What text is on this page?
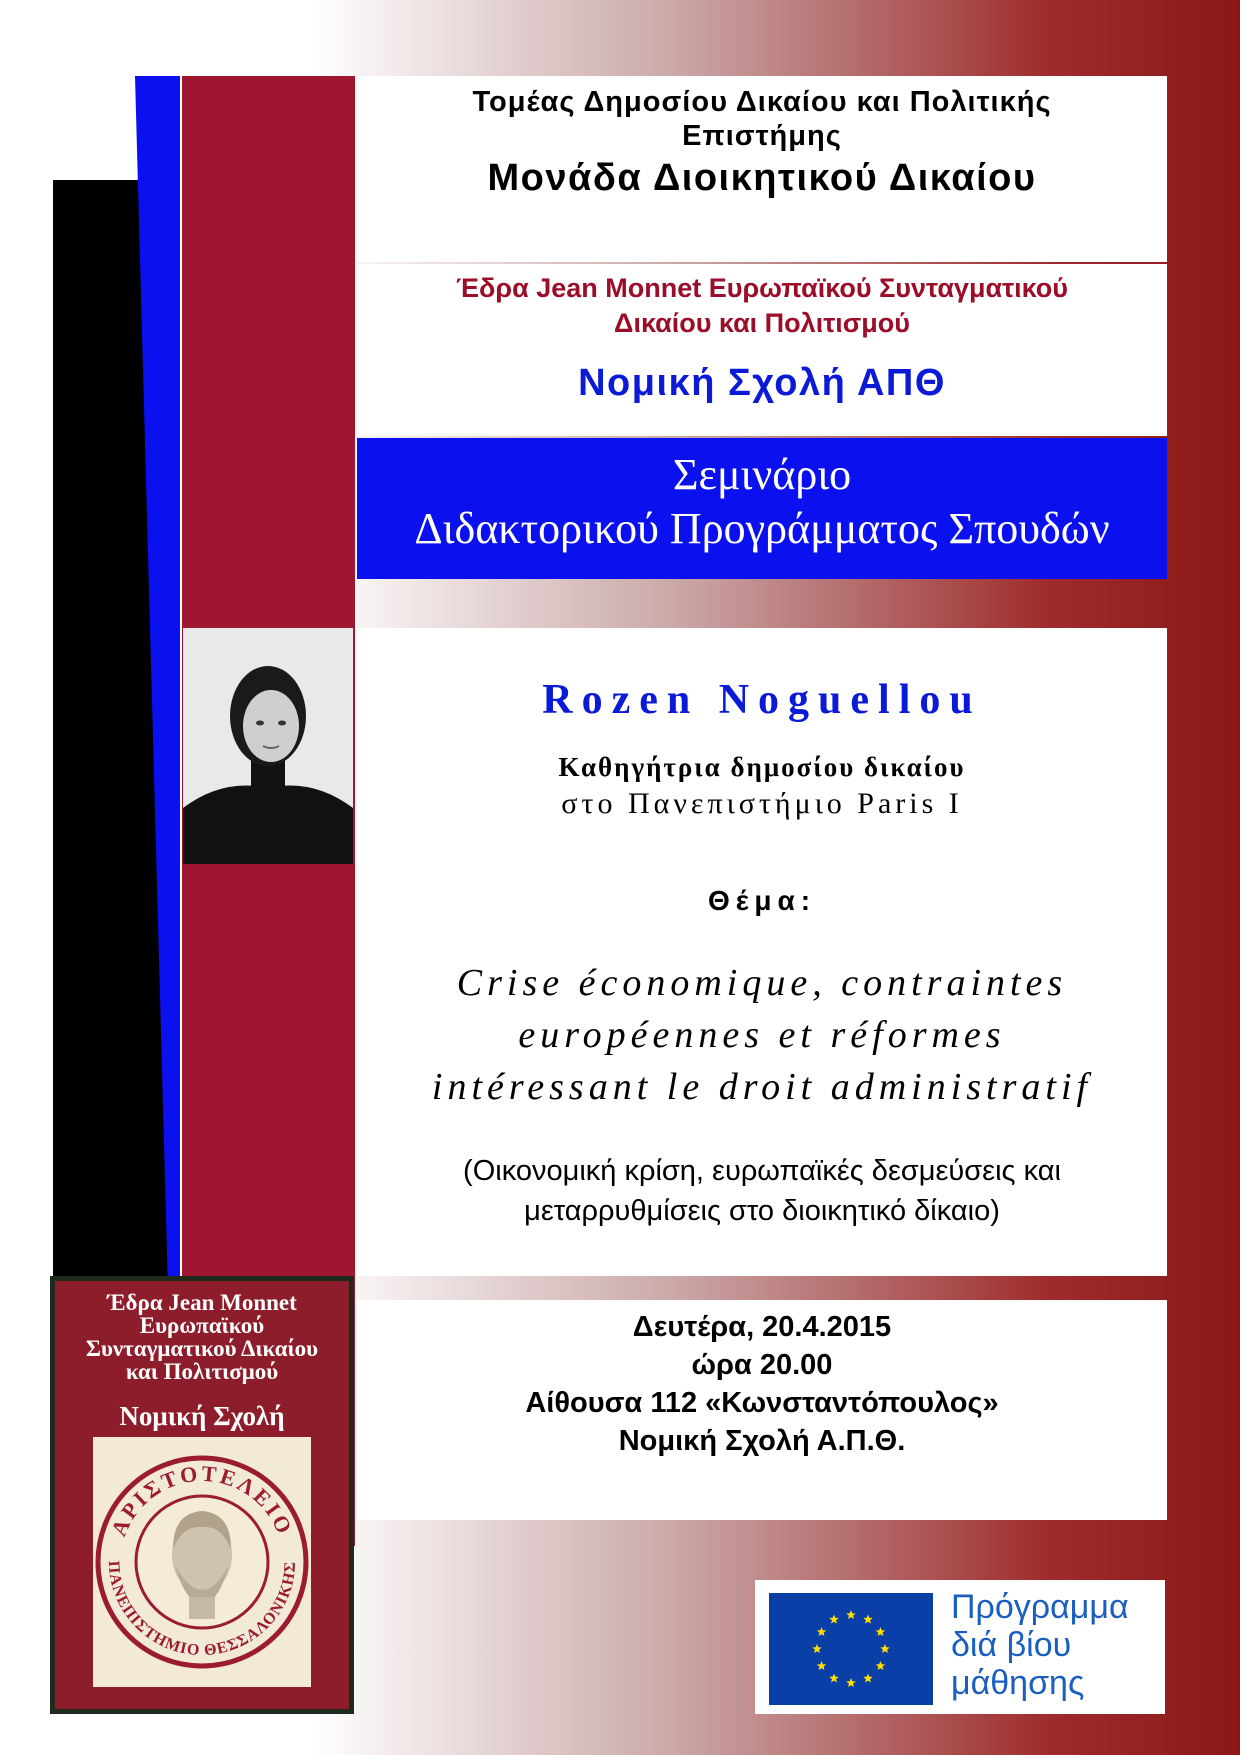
Τομέας Δημοσίου Δικαίου και Πολιτικής
Επιστήμης
Μονάδα Διοικητικού Δικαίου
Έδρα Jean Monnet Ευρωπαϊκού Συνταγματικού
Δικαίου και Πολιτισμού
Νομική Σχολή ΑΠΘ
Σεμινάριο
Διδακτορικού Προγράμματος Σπουδών
Rozen Noguellou
Καθηγήτρια δημοσίου δικαίου
στο Πανεπιστήμιο Paris I
Θέμα:
Crise économique, contraintes
européennes et réformes
intéressant le droit administratif
(Οικονομική κρίση, ευρωπαϊκές δεσμεύσεις και
μεταρρυθμίσεις στο διοικητικό δίκαιο)
Δευτέρα, 20.4.2015
ώρα 20.00
Αίθουσα 112 «Κωνσταντόπουλος»
Νομική Σχολή Α.Π.Θ.
Έδρα Jean Monnet
Ευρωπαϊκού
Συνταγματικού Δικαίου
και Πολιτισμού
Νομική Σχολή
ΑΡΙΣΤΟΤΕΛΕΙΟ
ΠΑΝΕΠΙΣΤΗΜΙΟ ΘΕΣΣΑΛΟΝΙΚΗΣ
Πρόγραμμα
διά βίου
μάθησης
